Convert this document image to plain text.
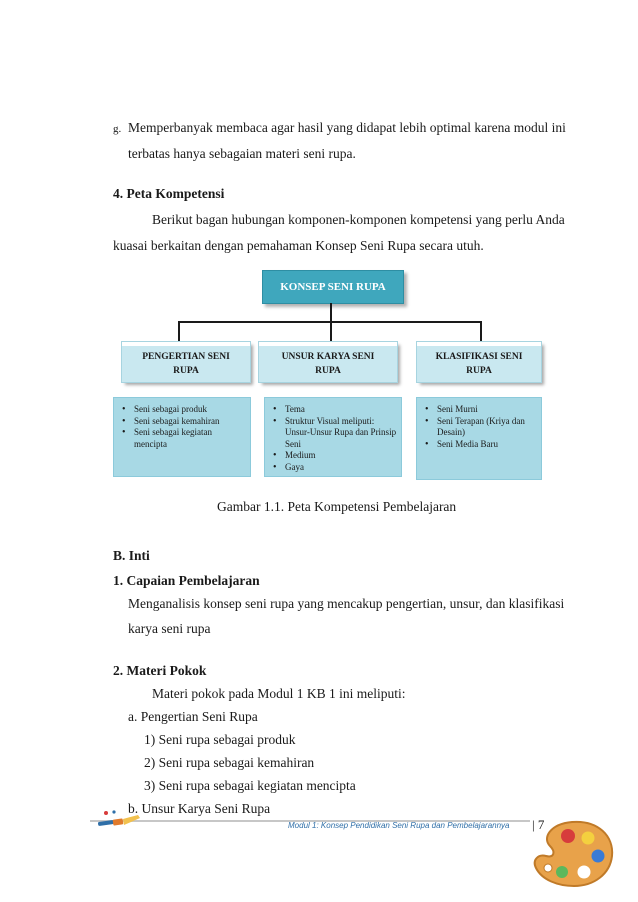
g. Memperbanyak membaca agar hasil yang didapat lebih optimal karena modul ini
terbatas hanya sebagaian materi seni rupa.
4. Peta Kompetensi
Berikut bagan hubungan komponen-komponen kompetensi yang perlu Anda
kuasai berkaitan dengan pemahaman Konsep Seni Rupa secara utuh.
KONSEP SENI RUPA
PENGERTIAN SENI RUPA
UNSUR KARYA SENI RUPA
KLASIFIKASI SENI RUPA
• Seni sebagai produk
• Seni sebagai kemahiran
• Seni sebagai kegiatan mencipta
• Tema
• Struktur Visual meliputi: Unsur-Unsur Rupa dan Prinsip Seni
• Medium
• Gaya
• Seni Murni
• Seni Terapan (Kriya dan Desain)
• Seni Media Baru
Gambar 1.1. Peta Kompetensi Pembelajaran
B. Inti
1. Capaian Pembelajaran
Menganalisis konsep seni rupa yang mencakup pengertian, unsur, dan klasifikasi
karya seni rupa
2. Materi Pokok
Materi pokok pada Modul 1 KB 1 ini meliputi:
a. Pengertian Seni Rupa
1) Seni rupa sebagai produk
2) Seni rupa sebagai kemahiran
3) Seni rupa sebagai kegiatan mencipta
b. Unsur Karya Seni Rupa
Modul 1: Konsep Pendidikan Seni Rupa dan Pembelajarannya | 7
